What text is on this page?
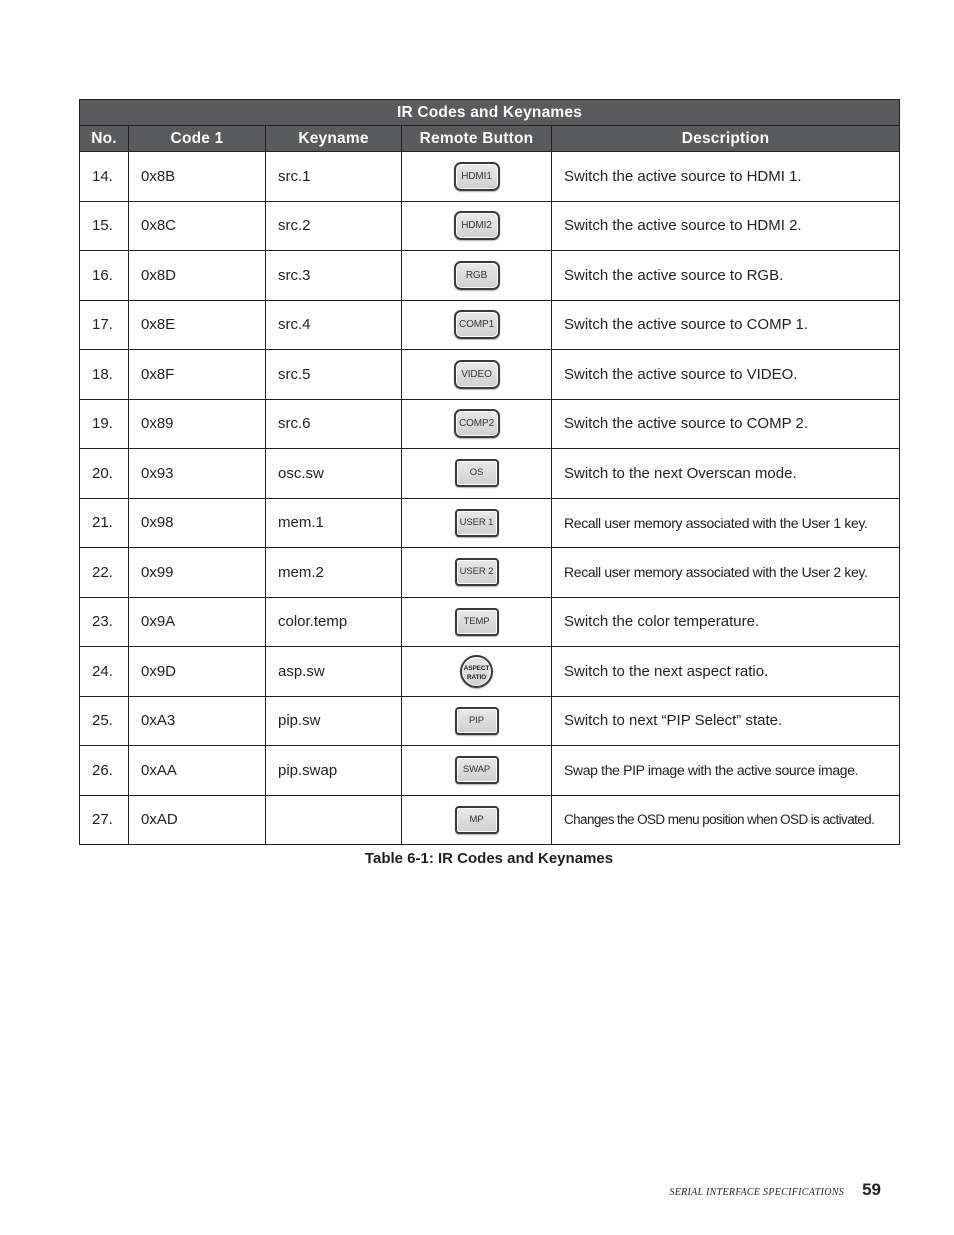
IR Codes and Keynames				
No.	Code 1	Keyname	Remote Button	Description
14.	0x8B	src.1	HDMI1	Switch the active source to HDMI 1.
15.	0x8C	src.2	HDMI2	Switch the active source to HDMI 2.
16.	0x8D	src.3	RGB	Switch the active source to RGB.
17.	0x8E	src.4	COMP1	Switch the active source to COMP 1.
18.	0x8F	src.5	VIDEO	Switch the active source to VIDEO.
19.	0x89	src.6	COMP2	Switch the active source to COMP 2.
20.	0x93	osc.sw	OS	Switch to the next Overscan mode.
21.	0x98	mem.1	USER 1	Recall user memory associated with the User 1 key.
22.	0x99	mem.2	USER 2	Recall user memory associated with the User 2 key.
23.	0x9A	color.temp	TEMP	Switch the color temperature.
24.	0x9D	asp.sw	ASPECT RATIO	Switch to the next aspect ratio.
25.	0xA3	pip.sw	PIP	Switch to next “PIP Select” state.
26.	0xAA	pip.swap	SWAP	Swap the PIP image with the active source image.
27.	0xAD		MP	Changes the OSD menu position when OSD is activated.
Table 6-1: IR Codes and Keynames
SERIAL INTERFACE SPECIFICATIONS 59
